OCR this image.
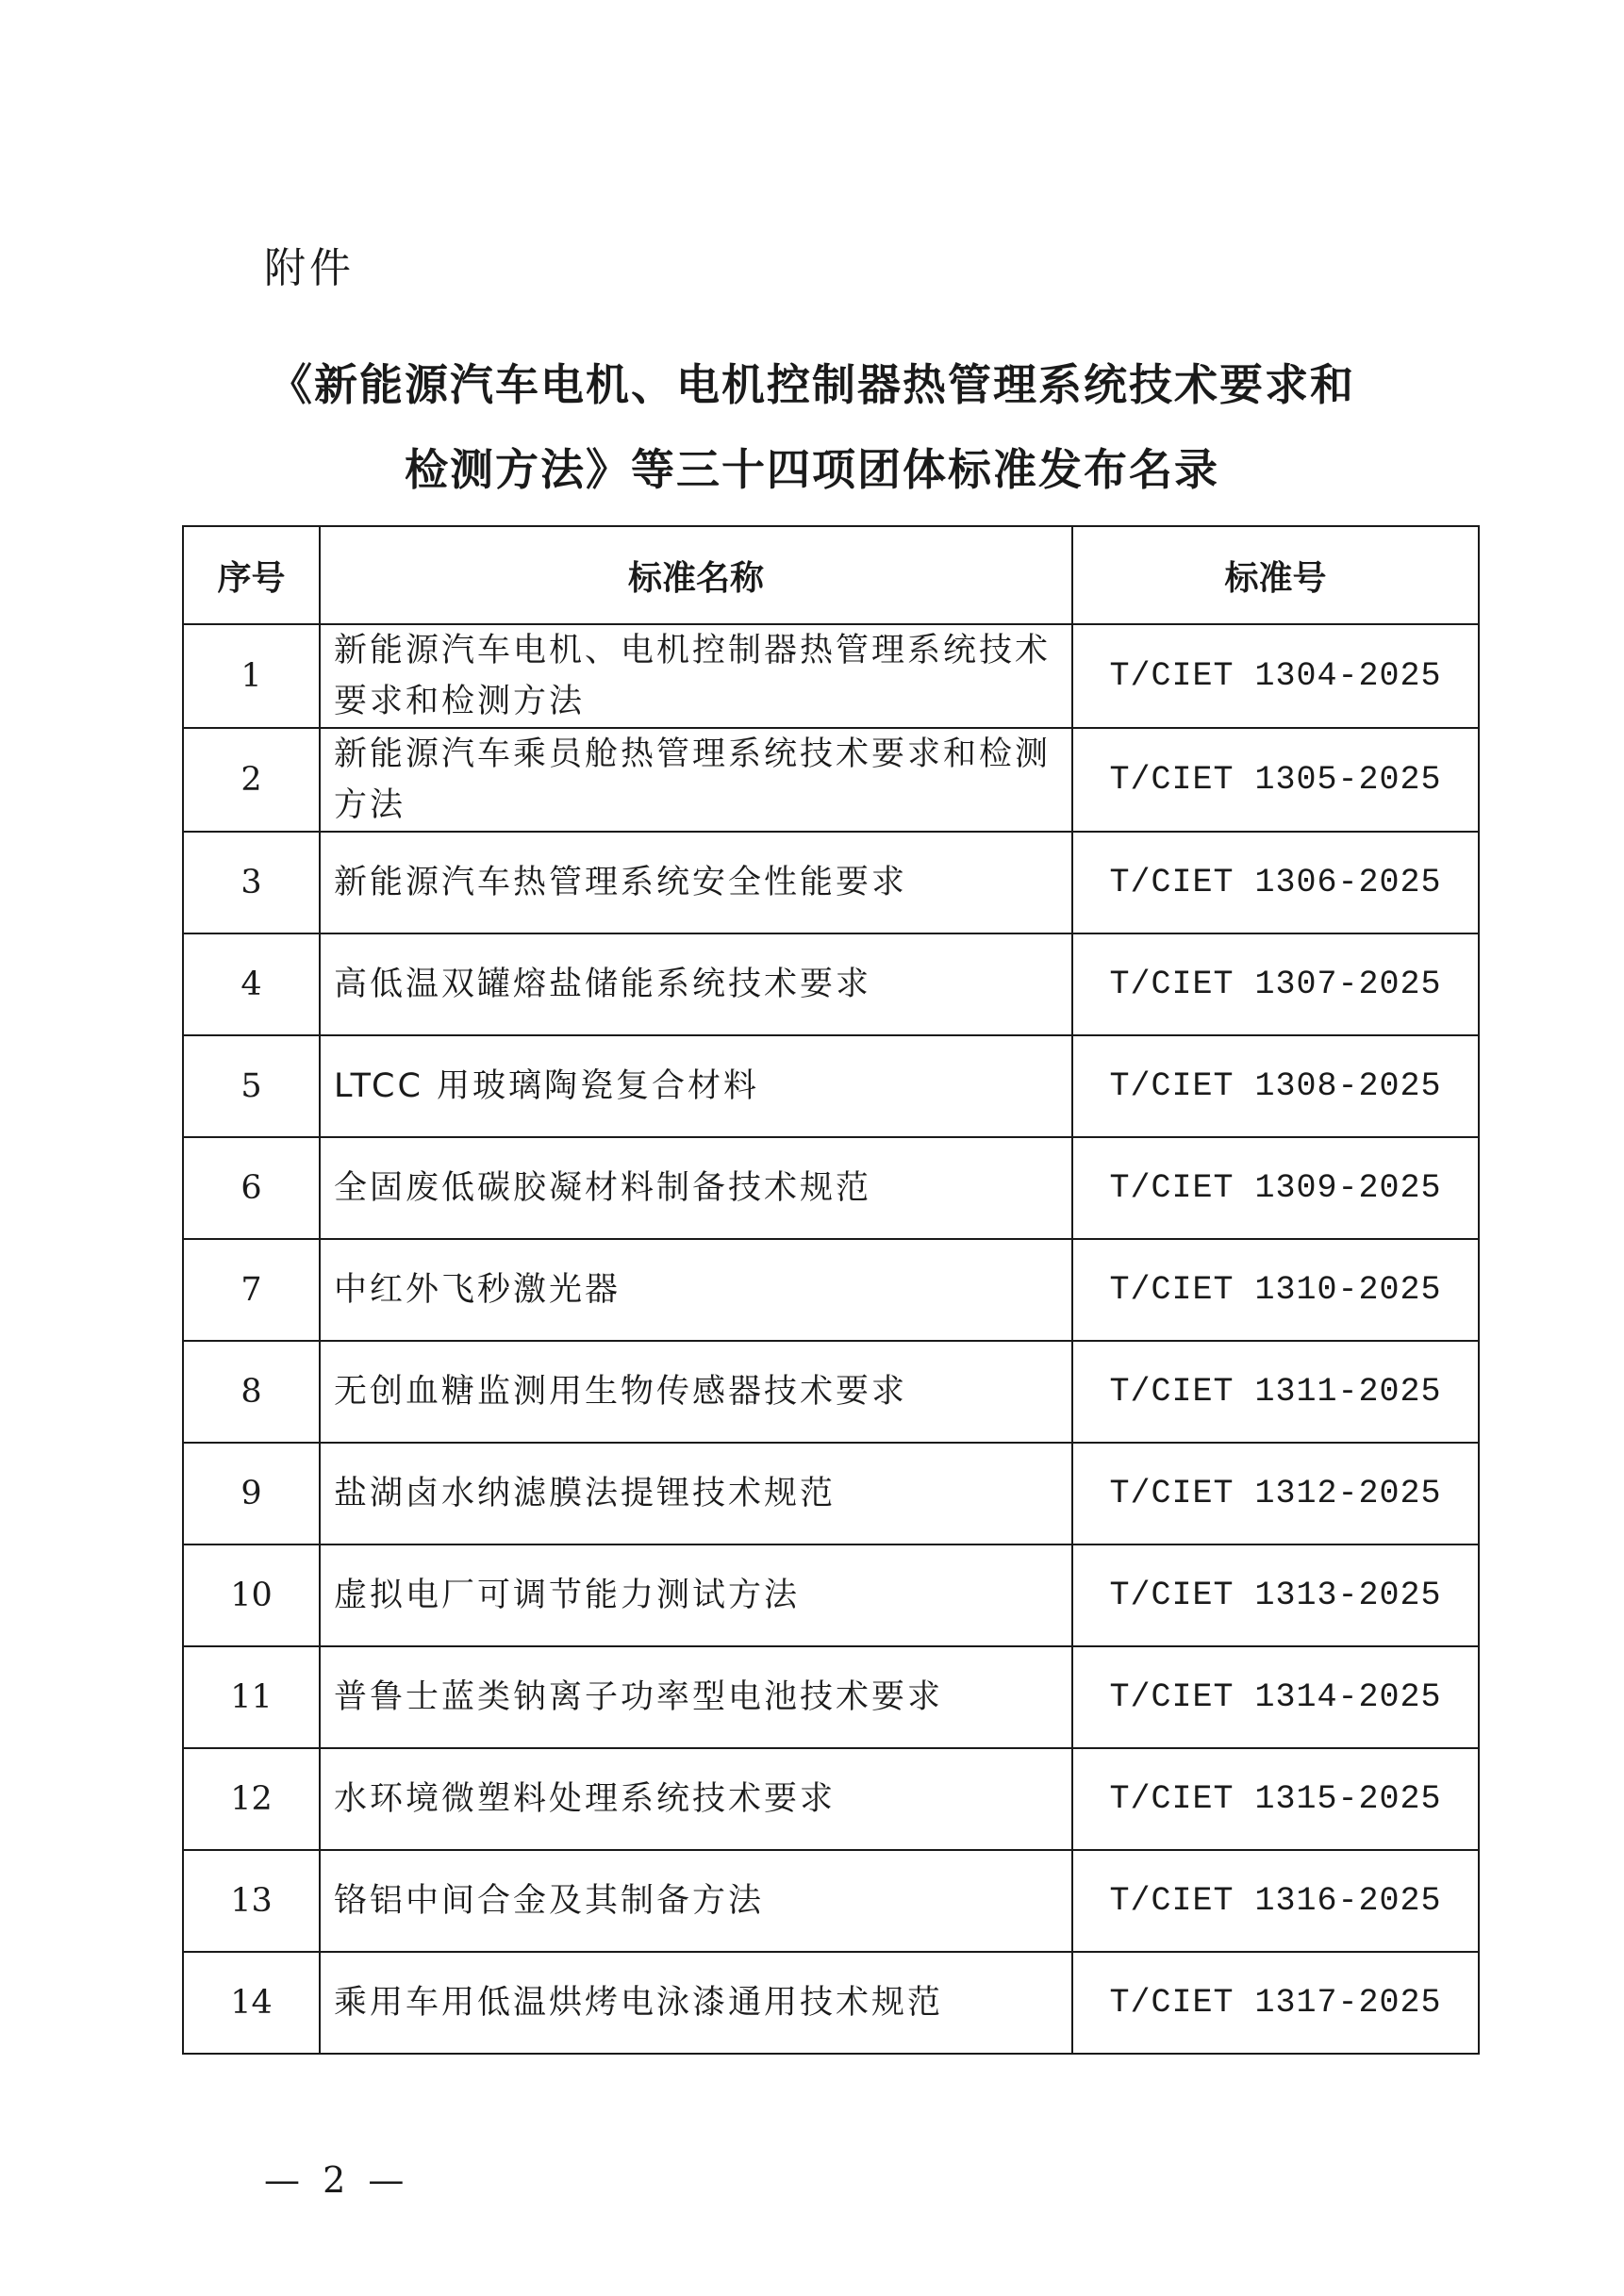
附件
《新能源汽车电机、电机控制器热管理系统技术要求和
检测方法》等三十四项团体标准发布名录
序号	标准名称	标准号
1	新能源汽车电机、电机控制器热管理系统技术要求和检测方法	T/CIET 1304-2025
2	新能源汽车乘员舱热管理系统技术要求和检测方法	T/CIET 1305-2025
3	新能源汽车热管理系统安全性能要求	T/CIET 1306-2025
4	高低温双罐熔盐储能系统技术要求	T/CIET 1307-2025
5	LTCC 用玻璃陶瓷复合材料	T/CIET 1308-2025
6	全固废低碳胶凝材料制备技术规范	T/CIET 1309-2025
7	中红外飞秒激光器	T/CIET 1310-2025
8	无创血糖监测用生物传感器技术要求	T/CIET 1311-2025
9	盐湖卤水纳滤膜法提锂技术规范	T/CIET 1312-2025
10	虚拟电厂可调节能力测试方法	T/CIET 1313-2025
11	普鲁士蓝类钠离子功率型电池技术要求	T/CIET 1314-2025
12	水环境微塑料处理系统技术要求	T/CIET 1315-2025
13	铬铝中间合金及其制备方法	T/CIET 1316-2025
14	乘用车用低温烘烤电泳漆通用技术规范	T/CIET 1317-2025
— 2 —
